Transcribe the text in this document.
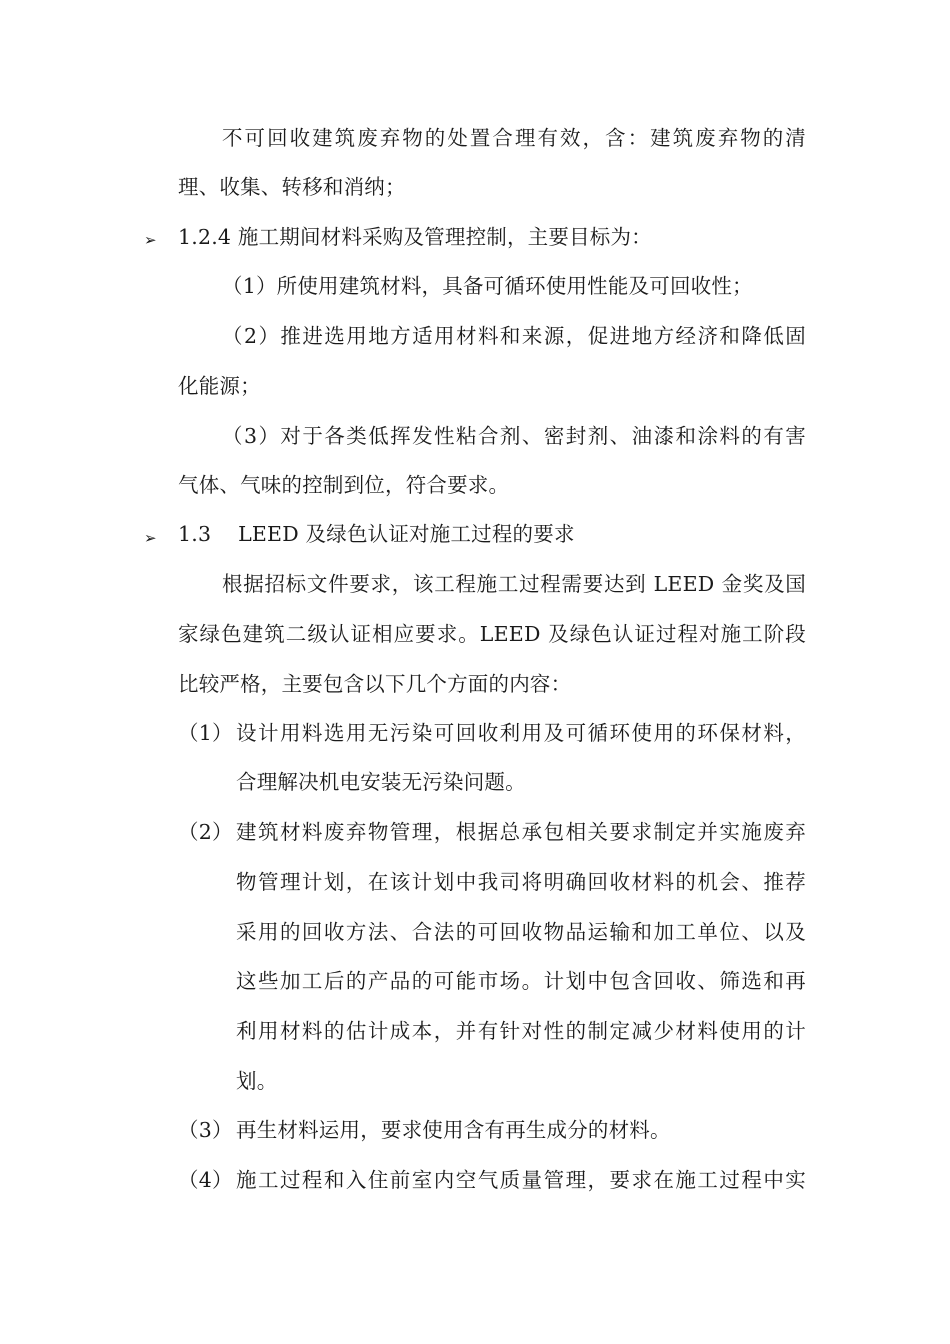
不可回收建筑废弃物的处置合理有效，含：建筑废弃物的清
理、收集、转移和消纳；
➢ 1.2.4 施工期间材料采购及管理控制，主要目标为：
（1）所使用建筑材料，具备可循环使用性能及可回收性；
（2）推进选用地方适用材料和来源，促进地方经济和降低固
化能源；
（3）对于各类低挥发性粘合剂、密封剂、油漆和涂料的有害
气体、气味的控制到位，符合要求。
➢ 1.3    LEED 及绿色认证对施工过程的要求
根据招标文件要求，该工程施工过程需要达到 LEED 金奖及国
家绿色建筑二级认证相应要求。LEED 及绿色认证过程对施工阶段
比较严格，主要包含以下几个方面的内容：
（1） 设计用料选用无污染可回收利用及可循环使用的环保材料，
合理解决机电安装无污染问题。
（2） 建筑材料废弃物管理，根据总承包相关要求制定并实施废弃
物管理计划，在该计划中我司将明确回收材料的机会、推荐
采用的回收方法、合法的可回收物品运输和加工单位、以及
这些加工后的产品的可能市场。计划中包含回收、筛选和再
利用材料的估计成本，并有针对性的制定减少材料使用的计
划。
（3） 再生材料运用，要求使用含有再生成分的材料。
（4） 施工过程和入住前室内空气质量管理，要求在施工过程中实
